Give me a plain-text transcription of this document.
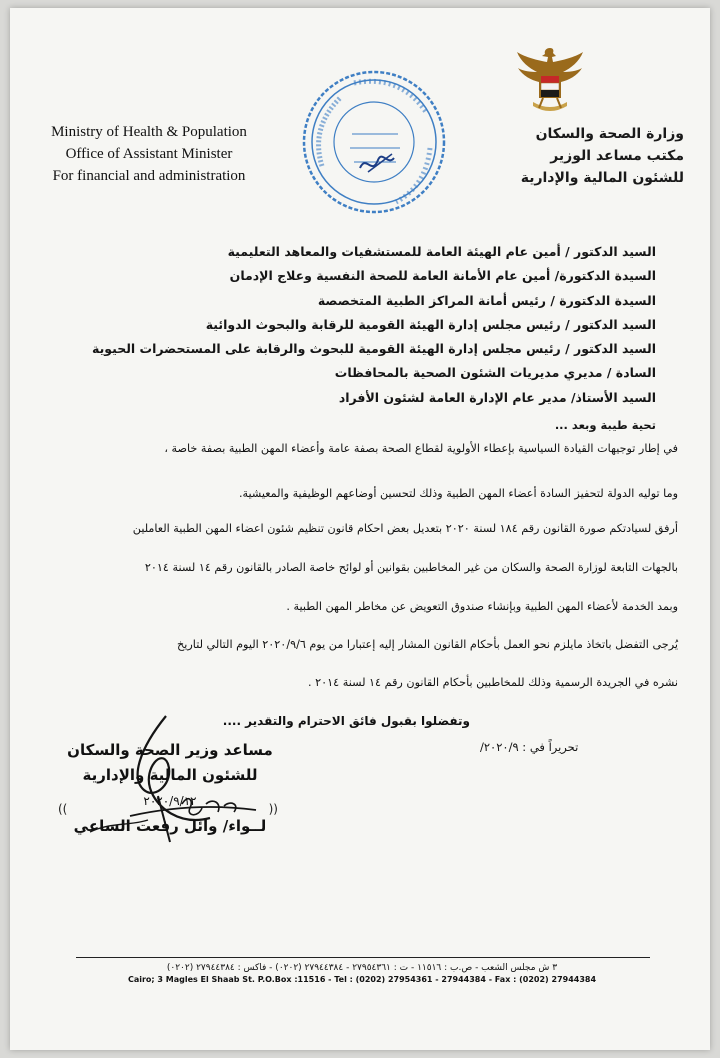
Ministry of Health & Population
Office of Assistant Minister
For financial and administration
وزارة الصحة والسكان
مكتب مساعد الوزير
للشئون المالية والإدارية
السيد الدكتور / أمين عام الهيئة العامة للمستشفيات والمعاهد التعليمية
السيدة الدكتورة/ أمين عام الأمانة العامة للصحة النفسية وعلاج الإدمان
السيدة الدكتورة / رئيس أمانة المراكز الطبية المتخصصة
السيد الدكتور / رئيس مجلس إدارة الهيئة القومية للرقابة والبحوث الدوائية
السيد الدكتور / رئيس مجلس إدارة الهيئة القومية للبحوث والرقابة على المستحضرات الحيوية
السادة / مديري مديريات الشئون الصحية بالمحافظات
السيد الأستاذ/ مدير عام الإدارة العامة لشئون الأفراد
تحية طيبة وبعد ...
في إطار توجيهات القيادة السياسية بإعطاء الأولوية لقطاع الصحة بصفة عامة وأعضاء المهن الطبية بصفة خاصة ،
وما توليه الدولة لتحفيز السادة أعضاء المهن الطبية وذلك لتحسين أوضاعهم الوظيفية والمعيشية.
أرفق لسيادتكم صورة القانون رقم ١٨٤ لسنة ٢٠٢٠ بتعديل بعض احكام قانون تنظيم شئون اعضاء المهن الطبية العاملين
بالجهات التابعة لوزارة الصحة والسكان من غير المخاطبين بقوانين أو لوائح خاصة الصادر بالقانون رقم ١٤ لسنة ٢٠١٤
وبمد الخدمة لأعضاء المهن الطبية وبإنشاء صندوق التعويض عن مخاطر المهن الطبية .
يُرجى التفضل باتخاذ مايلزم نحو العمل بأحكام القانون المشار إليه إعتبارا من يوم ٢٠٢٠/٩/٦ اليوم التالي لتاريخ
نشره في الجريدة الرسمية وذلك للمخاطبين بأحكام القانون رقم ١٤ لسنة ٢٠١٤ .
وتفضلوا بقبول فائق الاحترام والتقدير ....
تحريراً في : ٢٠٢٠/٩/
مساعد وزير الصحة والسكان
للشئون المالية والإدارية
٢٠٢٠/٩/١٢
لــواء/ وائل رفعت الساعي
((	))
٣ ش مجلس الشعب - ص.ب : ١١٥١٦ - ت : ٢٧٩٥٤٣٦١ - ٢٧٩٤٤٣٨٤ (٠٢٠٢) - فاكس : ٢٧٩٤٤٣٨٤ (٠٢٠٢)
Cairo; 3 Magles El Shaab St. P.O.Box :11516 - Tel : (0202) 27954361 - 27944384 - Fax : (0202) 27944384
